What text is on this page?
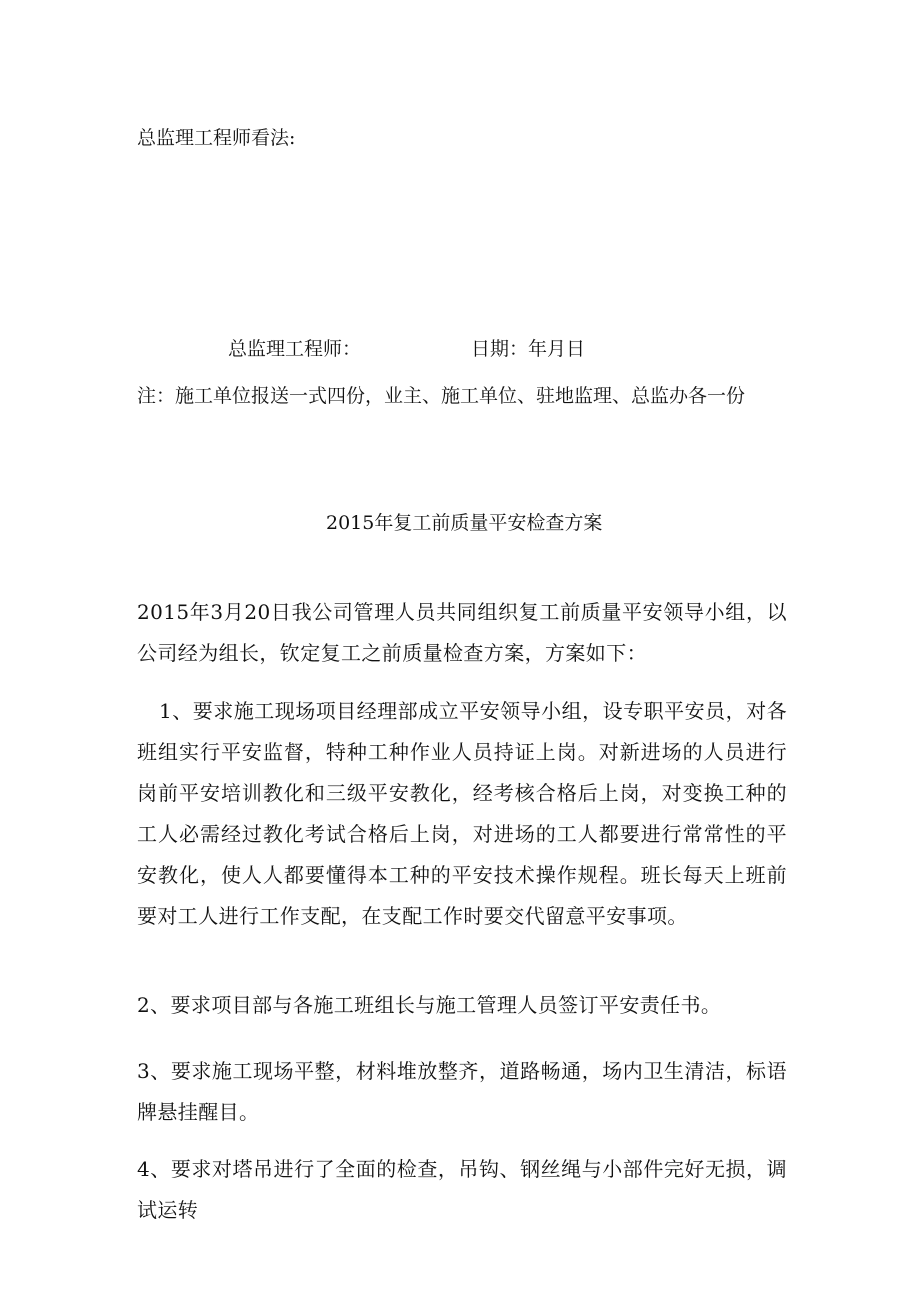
总监理工程师看法:
总监理工程师：	日期：年月日
注：施工单位报送一式四份，业主、施工单位、驻地监理、总监办各一份
2015年复工前质量平安检查方案
2015年3月20日我公司管理人员共同组织复工前质量平安领导小组，以公司经为组长，钦定复工之前质量检查方案，方案如下：
1、要求施工现场项目经理部成立平安领导小组，设专职平安员，对各班组实行平安监督，特种工种作业人员持证上岗。对新进场的人员进行岗前平安培训教化和三级平安教化，经考核合格后上岗，对变换工种的工人必需经过教化考试合格后上岗，对进场的工人都要进行常常性的平安教化，使人人都要懂得本工种的平安技术操作规程。班长每天上班前要对工人进行工作支配，在支配工作时要交代留意平安事项。
2、要求项目部与各施工班组长与施工管理人员签订平安责任书。
3、要求施工现场平整，材料堆放整齐，道路畅通，场内卫生清洁，标语牌悬挂醒目。
4、要求对塔吊进行了全面的检查，吊钩、钢丝绳与小部件完好无损，调试运转
